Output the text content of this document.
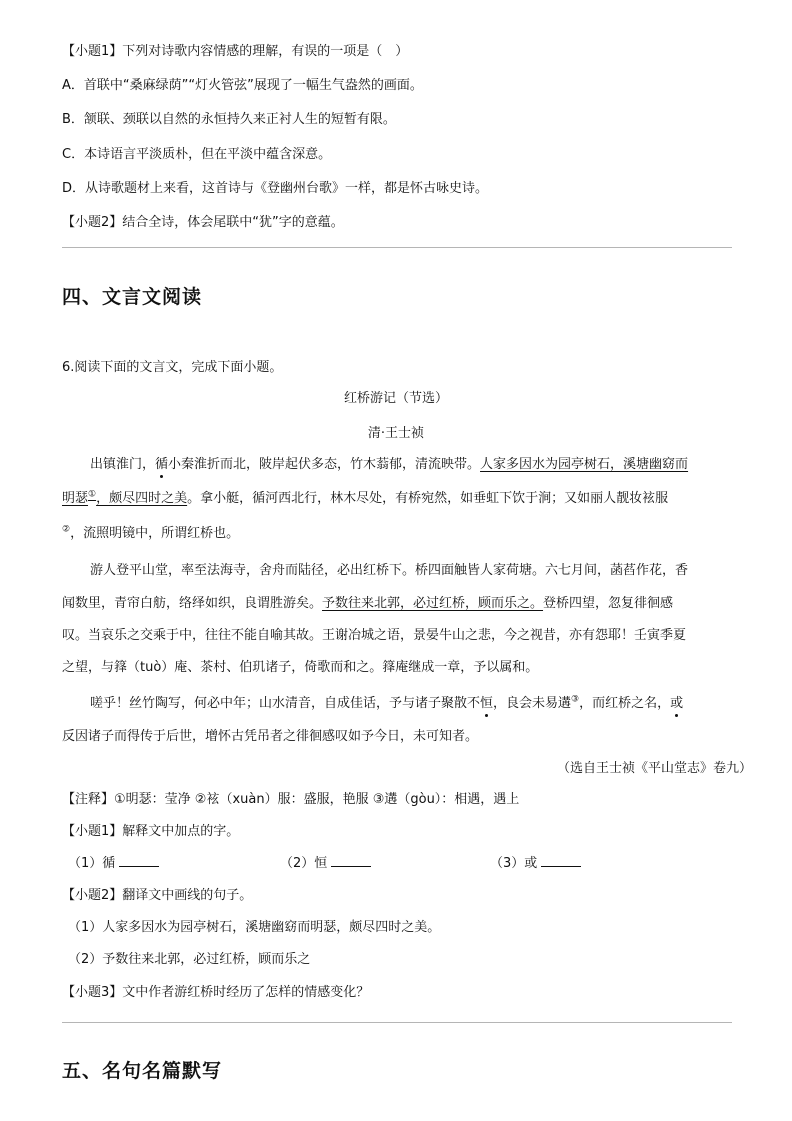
【小题1】下列对诗歌内容情感的理解，有误的一项是（　）
A．首联中“桑麻绿荫”“灯火管弦”展现了一幅生气盎然的画面。
B．颔联、颈联以自然的永恒持久来正衬人生的短暂有限。
C．本诗语言平淡质朴，但在平淡中蕴含深意。
D．从诗歌题材上来看，这首诗与《登幽州台歌》一样，都是怀古咏史诗。
【小题2】结合全诗，体会尾联中“犹”字的意蕴。
四、文言文阅读
6.阅读下面的文言文，完成下面小题。
红桥游记（节选）
清·王士祯
出镇淮门，循小秦淮折而北，陂岸起伏多态，竹木蓊郁，清流映带。人家多因水为园亭树石，溪塘幽窈而
明瑟①，颇尽四时之美。拿小艇，循河西北行，林木尽处，有桥宛然，如垂虹下饮于涧；又如丽人靓妆袨服
②，流照明镜中，所谓红桥也。
游人登平山堂，率至法海寺，舍舟而陆径，必出红桥下。桥四面触皆人家荷塘。六七月间，菡萏作花，香
闻数里，青帘白舫，络绎如织，良谓胜游矣。予数往来北郭，必过红桥，顾而乐之。登桥四望，忽复徘徊感
叹。当哀乐之交乘于中，往往不能自喻其故。王谢冶城之语，景晏牛山之悲，今之视昔，亦有怨耶！壬寅季夏
之望，与箨（tuò）庵、茶村、伯玑诸子，倚歌而和之。箨庵继成一章，予以属和。
嗟乎！丝竹陶写，何必中年；山水清音，自成佳话，予与诸子聚散不恒，良会未易遘③，而红桥之名，或
反因诸子而得传于后世，增怀古凭吊者之徘徊感叹如予今日，未可知者。
（选自王士祯《平山堂志》卷九）
【注释】①明瑟：莹净 ②袨（xuàn）服：盛服，艳服 ③遘（gòu）：相遇，遇上
【小题1】解释文中加点的字。
（1）循	（2）恒	（3）或
【小题2】翻译文中画线的句子。
（1）人家多因水为园亭树石，溪塘幽窈而明瑟，颇尽四时之美。
（2）予数往来北郭，必过红桥，顾而乐之
【小题3】文中作者游红桥时经历了怎样的情感变化？
五、名句名篇默写
